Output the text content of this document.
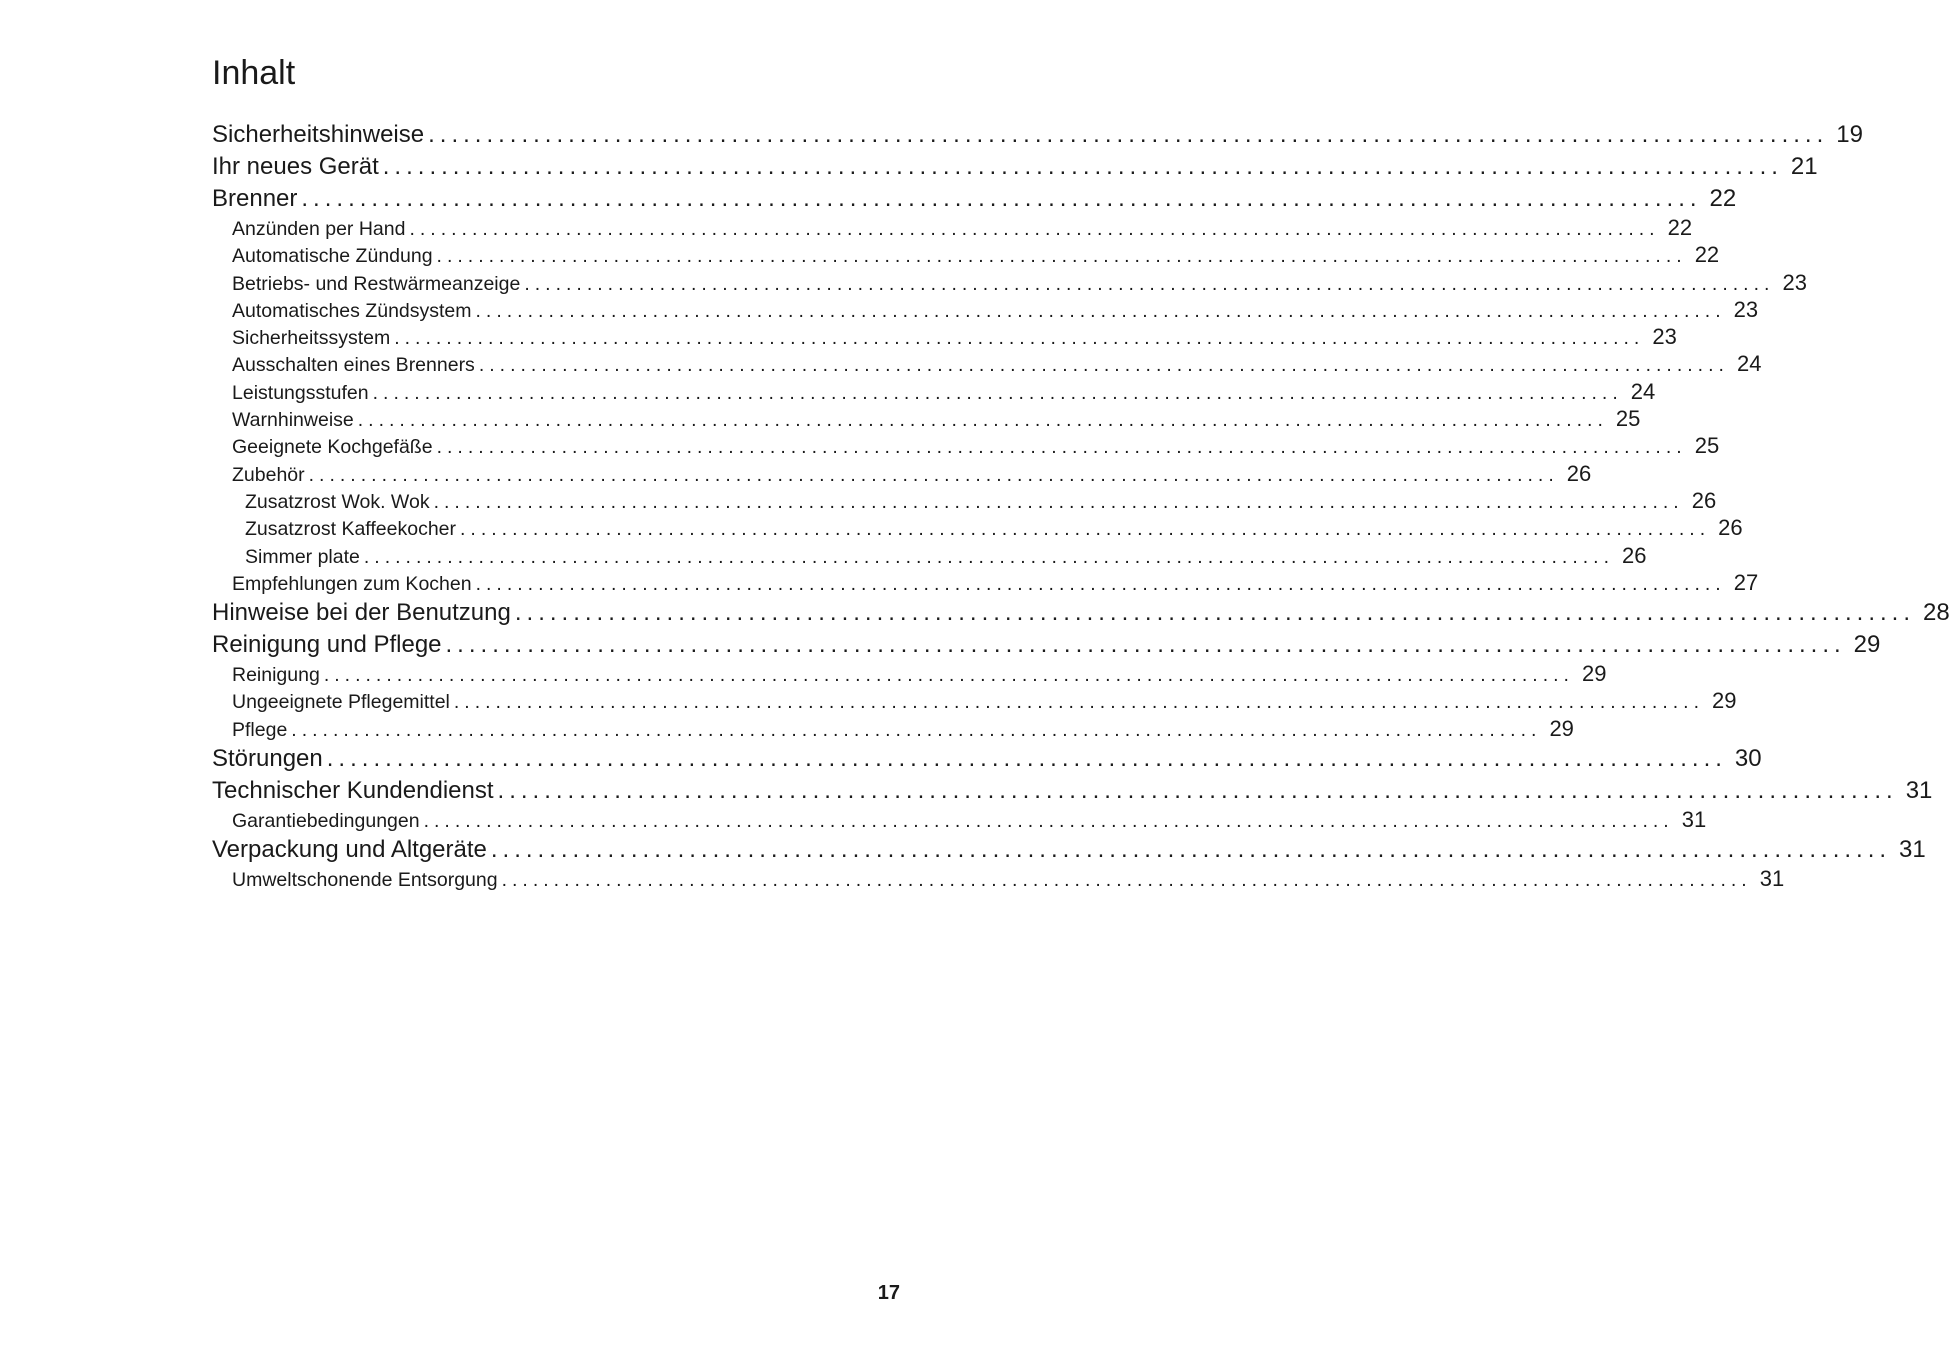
Inhalt
Sicherheitshinweise ........................................................................................................................ 19
Ihr neues Gerät ........................................................................................................................ 21
Brenner ........................................................................................................................ 22
Anzünden per Hand ........................................................................................................................ 22
Automatische Zündung ........................................................................................................................ 22
Betriebs- und Restwärmeanzeige ........................................................................................................................ 23
Automatisches Zündsystem ........................................................................................................................ 23
Sicherheitssystem ........................................................................................................................ 23
Ausschalten eines Brenners ........................................................................................................................ 24
Leistungsstufen ........................................................................................................................ 24
Warnhinweise ........................................................................................................................ 25
Geeignete Kochgefäße ........................................................................................................................ 25
Zubehör ........................................................................................................................ 26
Zusatzrost Wok. Wok ........................................................................................................................ 26
Zusatzrost Kaffeekocher ........................................................................................................................ 26
Simmer plate ........................................................................................................................ 26
Empfehlungen zum Kochen ........................................................................................................................ 27
Hinweise bei der Benutzung ........................................................................................................................ 28
Reinigung und Pflege ........................................................................................................................ 29
Reinigung ........................................................................................................................ 29
Ungeeignete Pflegemittel ........................................................................................................................ 29
Pflege ........................................................................................................................ 29
Störungen ........................................................................................................................ 30
Technischer Kundendienst ........................................................................................................................ 31
Garantiebedingungen ........................................................................................................................ 31
Verpackung und Altgeräte ........................................................................................................................ 31
Umweltschonende Entsorgung ........................................................................................................................ 31
17
